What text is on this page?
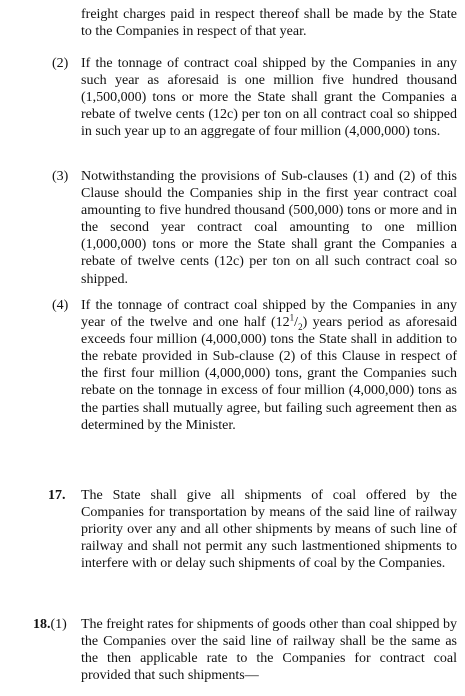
freight charges paid in respect thereof shall be made by the State to the Companies in respect of that year.

(2) If the tonnage of contract coal shipped by the Companies in any such year as aforesaid is one million five hundred thousand (1,500,000) tons or more the State shall grant the Companies a rebate of twelve cents (12c) per ton on all contract coal so shipped in such year up to an aggregate of four million (4,000,000) tons.

(3) Notwithstanding the provisions of Sub-clauses (1) and (2) of this Clause should the Companies ship in the first year contract coal amounting to five hundred thousand (500,000) tons or more and in the second year contract coal amounting to one million (1,000,000) tons or more the State shall grant the Companies a rebate of twelve cents (12c) per ton on all such contract coal so shipped.

(4) If the tonnage of contract coal shipped by the Companies in any year of the twelve and one half $(12^1/_2)$ years period as aforesaid exceeds four million (4,000,000) tons the State shall in addition to the rebate provided in Sub-clause (2) of this Clause in respect of the first four million (4,000,000) tons, grant the Companies such rebate on the tonnage in excess of four million (4,000,000) tons as the parties shall mutually agree, but failing such agreement then as determined by the Minister.

17. The State shall give all shipments of coal offered by the Companies for transportation by means of the said line of railway priority over any and all other shipments by means of such line of railway and shall not permit any such lastmentioned shipments to interfere with or delay such shipments of coal by the Companies.

18.(1) The freight rates for shipments of goods other than coal shipped by the Companies over the said line of railway shall be the same as the then applicable rate to the Companies for contract coal provided that such shipments—
